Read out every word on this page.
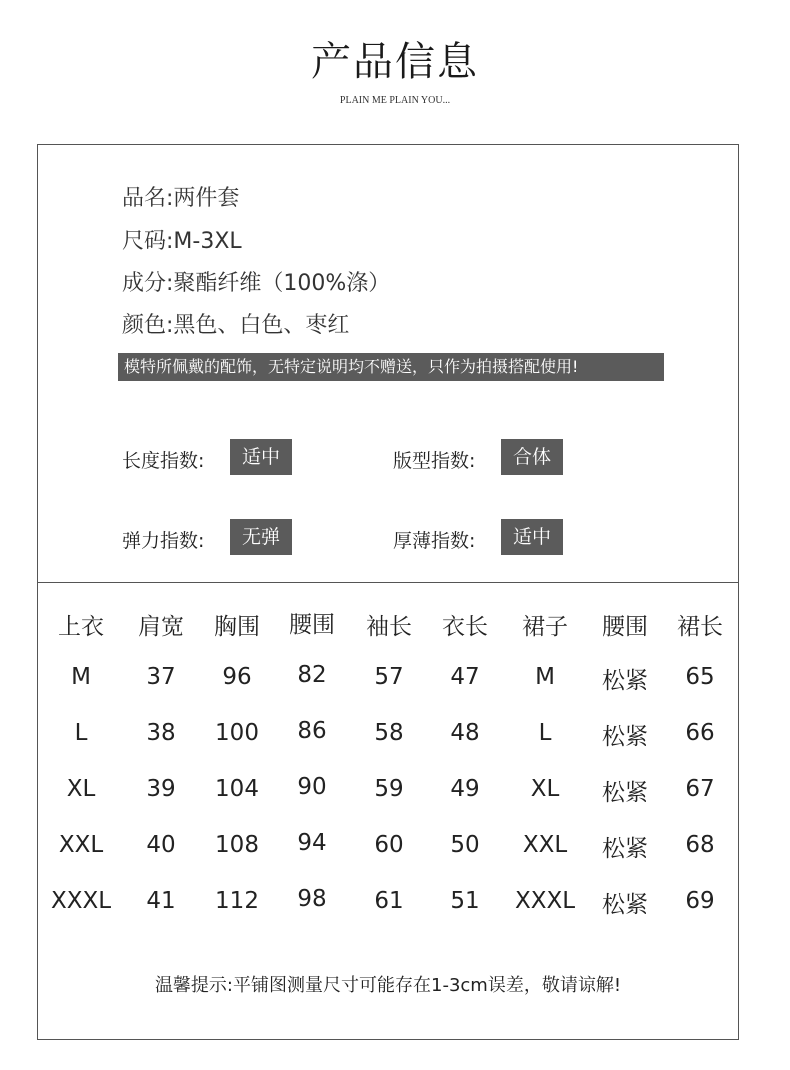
产品信息
PLAIN ME PLAIN YOU...
品名:两件套
尺码:M-3XL
成分:聚酯纤维（100%涤）
颜色:黑色、白色、枣红
模特所佩戴的配饰，无特定说明均不赠送，只作为拍摄搭配使用!
长度指数:	适中	版型指数:	合体
弹力指数:	无弹	厚薄指数:	适中
上衣	肩宽	胸围	腰围	袖长	衣长	裙子	腰围	裙长
M	37	96	82	57	47	M	松紧	65
L	38	100	86	58	48	L	松紧	66
XL	39	104	90	59	49	XL	松紧	67
XXL	40	108	94	60	50	XXL	松紧	68
XXXL	41	112	98	61	51	XXXL	松紧	69
温馨提示:平铺图测量尺寸可能存在1-3cm误差，敬请谅解!
